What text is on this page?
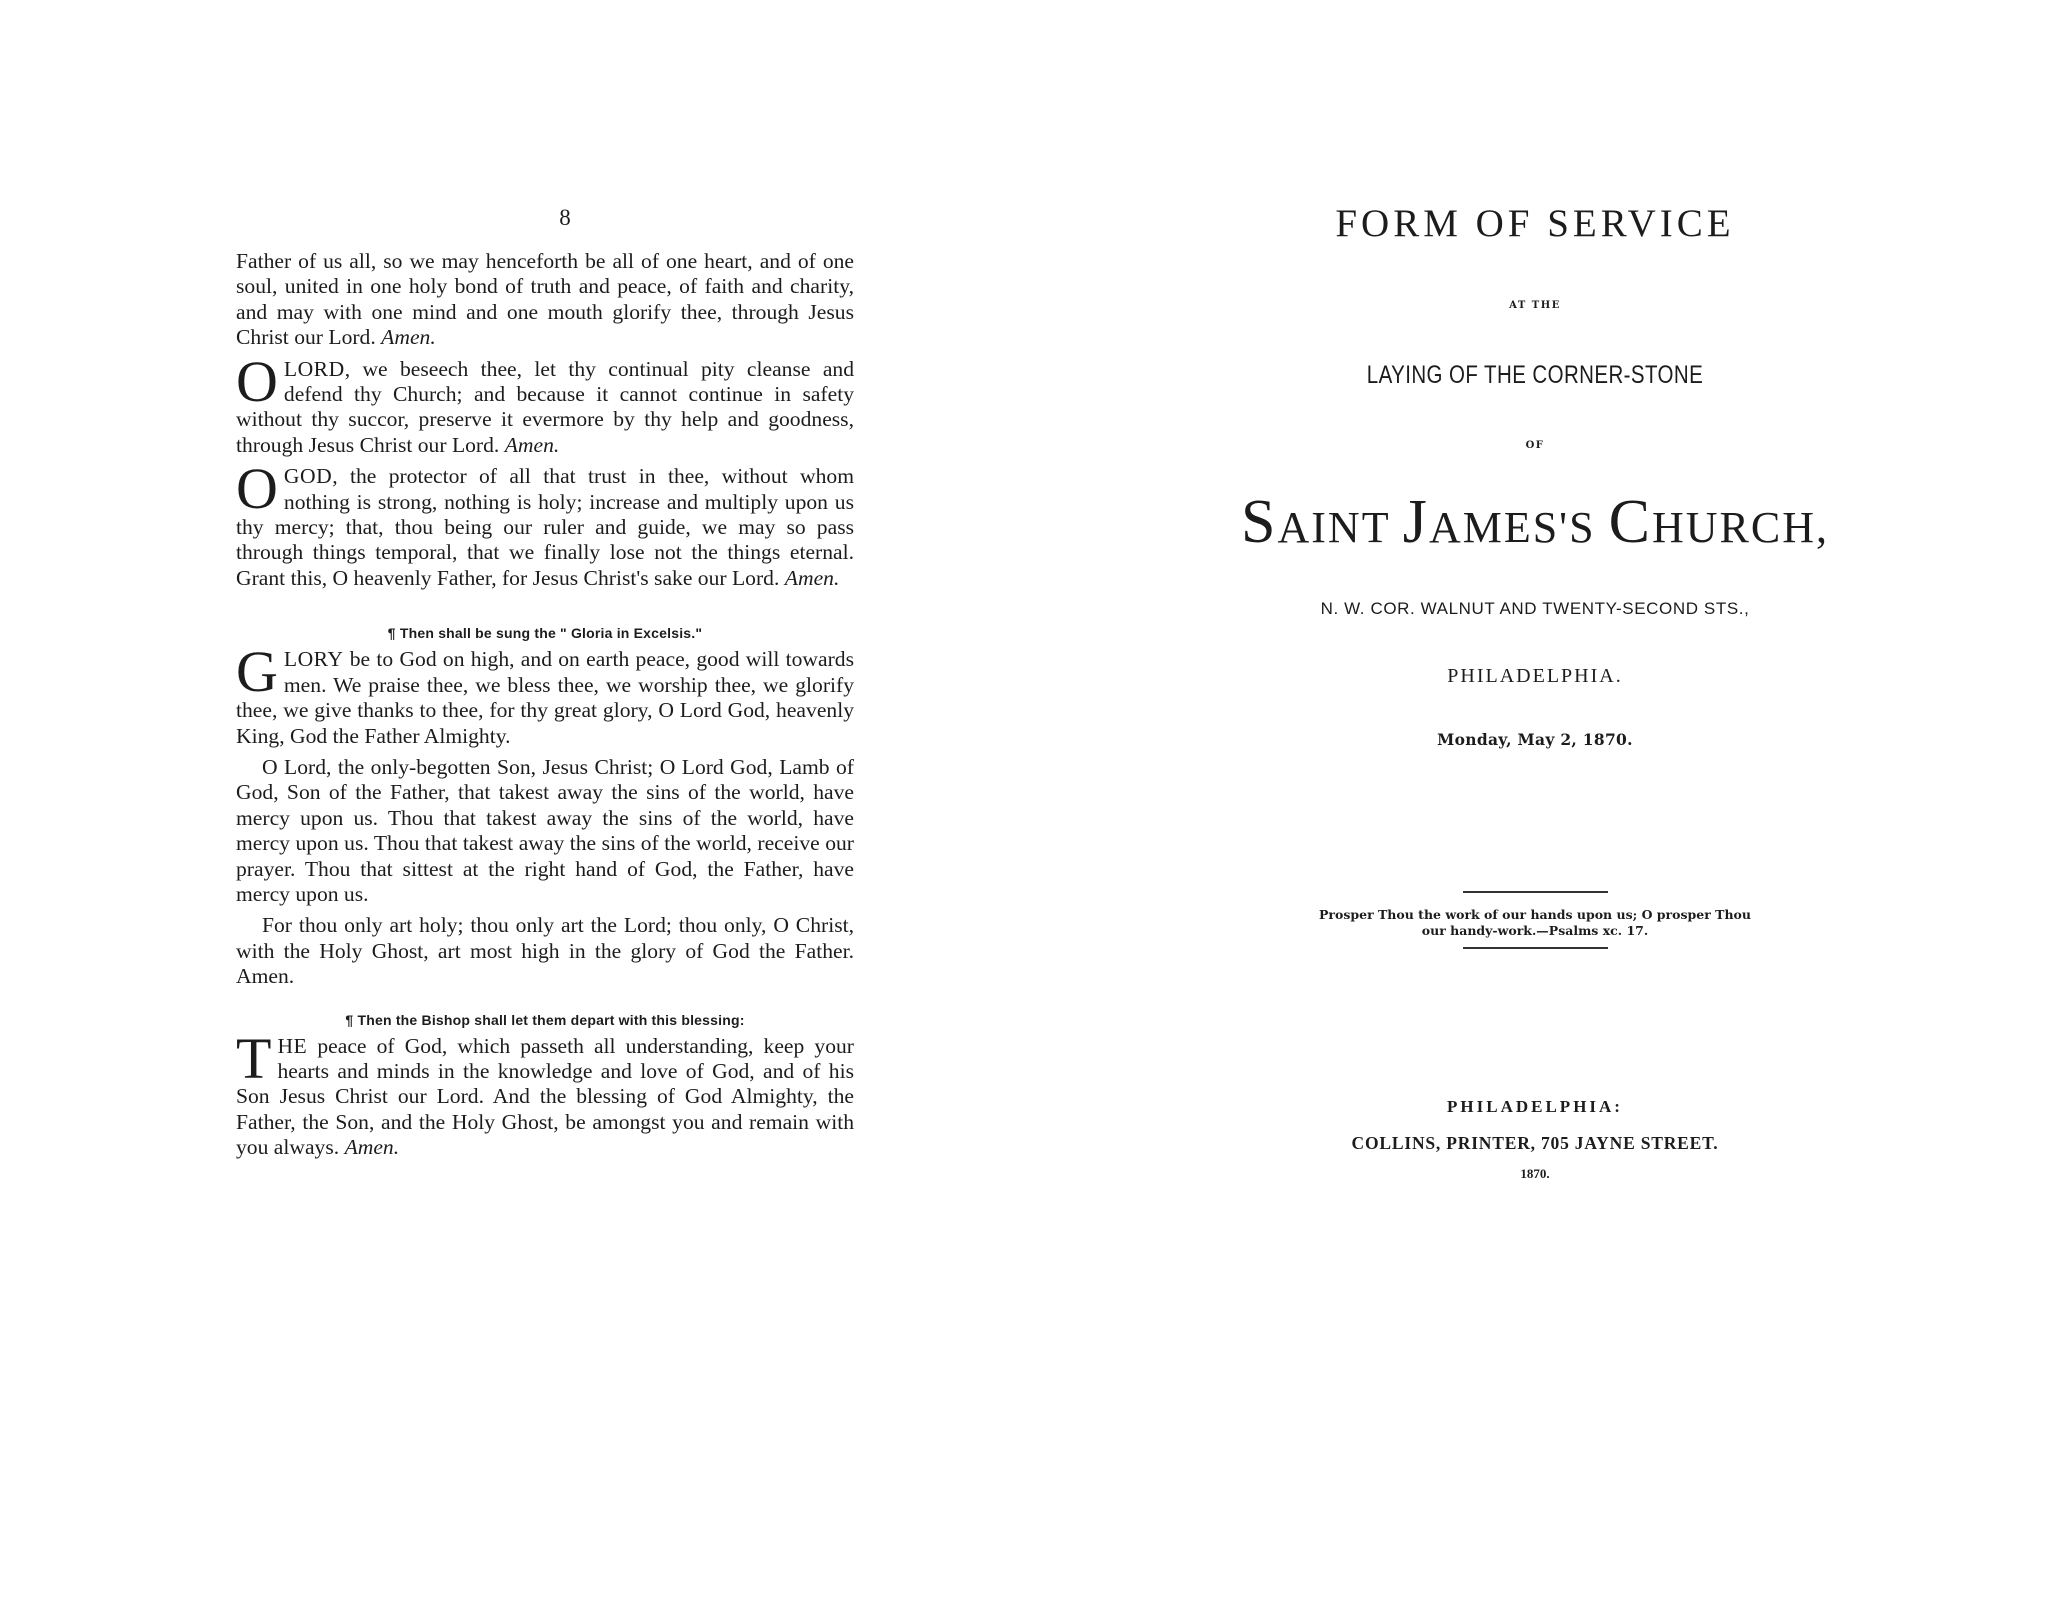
8

Father of us all, so we may henceforth be all of one heart, and of one soul, united in one holy bond of truth and peace, of faith and charity, and may with one mind and one mouth glorify thee, through Jesus Christ our Lord. Amen.

OLORD, we beseech thee, let thy continual pity cleanse and defend thy Church; and because it cannot continue in safety without thy succor, preserve it evermore by thy help and goodness, through Jesus Christ our Lord. Amen.

OGOD, the protector of all that trust in thee, without whom nothing is strong, nothing is holy; increase and multiply upon us thy mercy; that, thou being our ruler and guide, we may so pass through things temporal, that we finally lose not the things eternal. Grant this, O heavenly Father, for Jesus Christ's sake our Lord. Amen.

¶ Then shall be sung the " Gloria in Excelsis."

GLORY be to God on high, and on earth peace, good will towards men. We praise thee, we bless thee, we worship thee, we glorify thee, we give thanks to thee, for thy great glory, O Lord God, heavenly King, God the Father Almighty.

O Lord, the only-begotten Son, Jesus Christ; O Lord God, Lamb of God, Son of the Father, that takest away the sins of the world, have mercy upon us. Thou that takest away the sins of the world, have mercy upon us. Thou that takest away the sins of the world, receive our prayer. Thou that sittest at the right hand of God, the Father, have mercy upon us.

For thou only art holy; thou only art the Lord; thou only, O Christ, with the Holy Ghost, art most high in the glory of God the Father. Amen.

¶ Then the Bishop shall let them depart with this blessing:

THE peace of God, which passeth all understanding, keep your hearts and minds in the knowledge and love of God, and of his Son Jesus Christ our Lord. And the blessing of God Almighty, the Father, the Son, and the Holy Ghost, be amongst you and remain with you always. Amen.

FORM OF SERVICE
AT THE
LAYING OF THE CORNER-STONE
OF
SAINT JAMES'S CHURCH,
N. W. COR. WALNUT AND TWENTY-SECOND STS.,
PHILADELPHIA.
Monday, May 2, 1870.
Prosper Thou the work of our hands upon us; O prosper Thou
our handy-work.—Psalms xc. 17.
PHILADELPHIA:
COLLINS, PRINTER, 705 JAYNE STREET.
1870.
